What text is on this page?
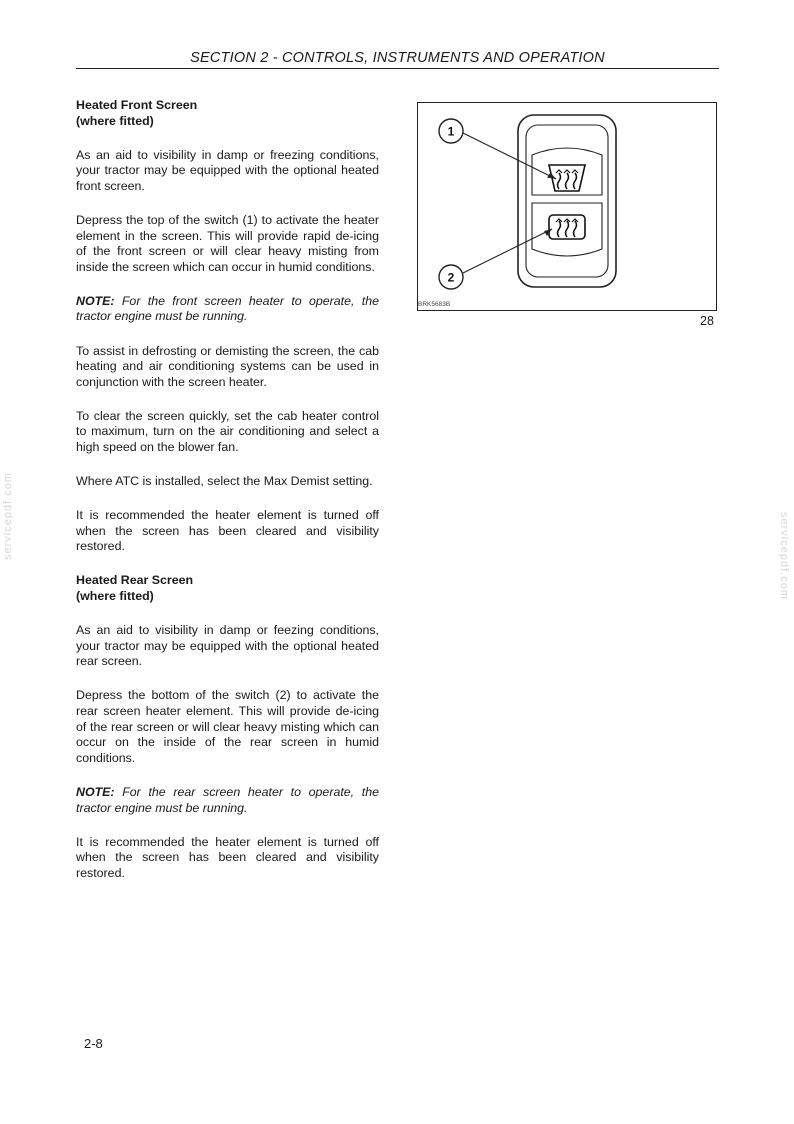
SECTION 2 - CONTROLS, INSTRUMENTS AND OPERATION
Heated Front Screen
(where fitted)

As an aid to visibility in damp or freezing conditions, your tractor may be equipped with the optional heated front screen.

Depress the top of the switch (1) to activate the heater element in the screen. This will provide rapid de-icing of the front screen or will clear heavy misting from inside the screen which can occur in humid conditions.

NOTE: For the front screen heater to operate, the tractor engine must be running.

To assist in defrosting or demisting the screen, the cab heating and air conditioning systems can be used in conjunction with the screen heater.

To clear the screen quickly, set the cab heater control to maximum, turn on the air conditioning and select a high speed on the blower fan.

Where ATC is installed, select the Max Demist setting.

It is recommended the heater element is turned off when the screen has been cleared and visibility restored.

Heated Rear Screen
(where fitted)

As an aid to visibility in damp or feezing conditions, your tractor may be equipped with the optional heated rear screen.

Depress the bottom of the switch (2) to activate the rear screen heater element. This will provide de-icing of the rear screen or will clear heavy misting which can occur on the inside of the rear screen in humid conditions.

NOTE: For the rear screen heater to operate, the tractor engine must be running.

It is recommended the heater element is turned off when the screen has been cleared and visibility restored.

1
2
BRK5683B
28
servicepdf.com	servicepdf.com
2-8
